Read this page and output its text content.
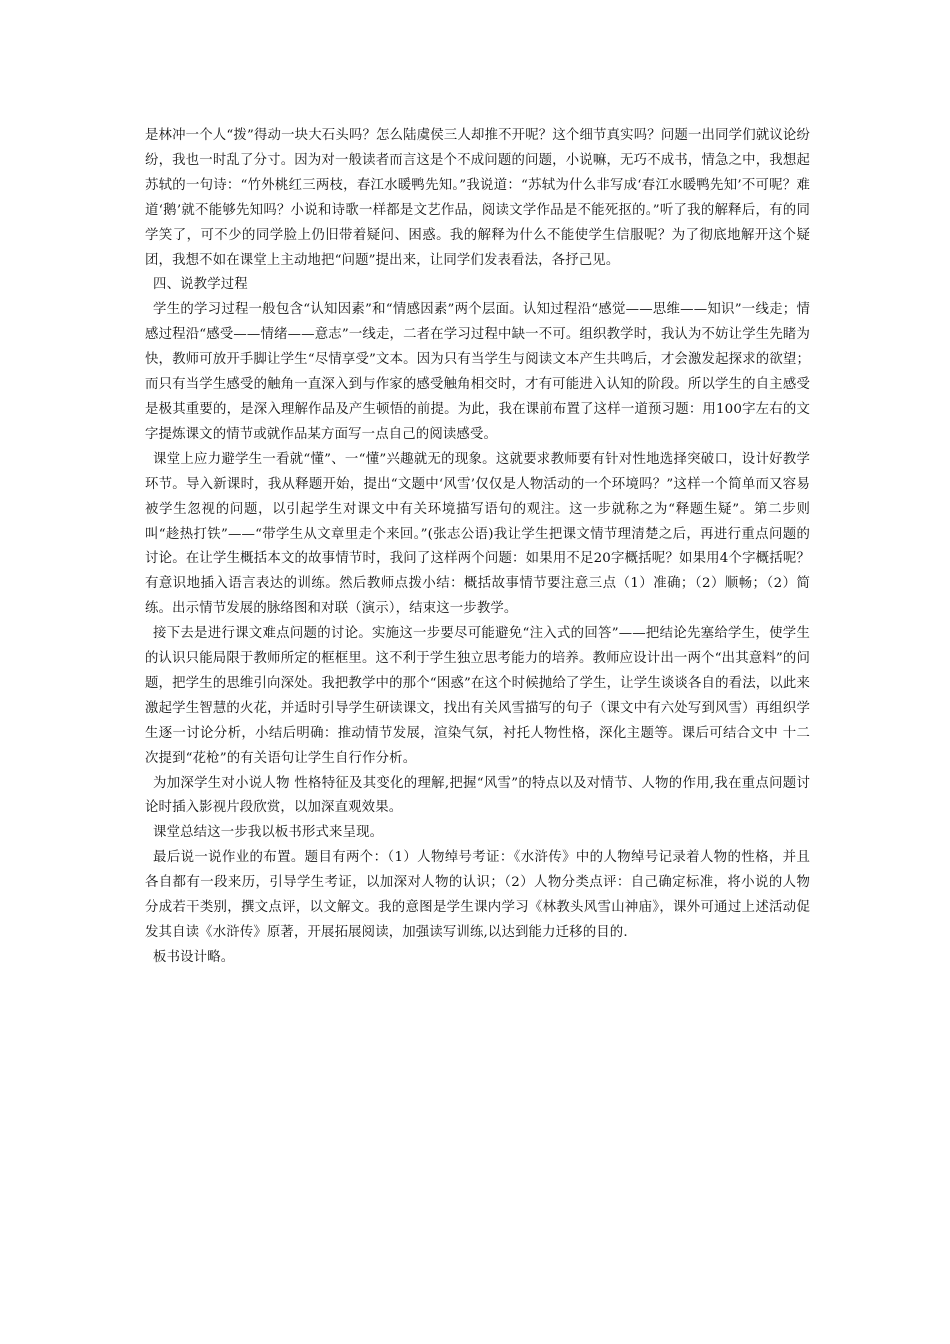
是林冲一个人“拨”得动一块大石头吗？怎么陆虞侯三人却推不开呢？这个细节真实吗？问题一出同学们就议论纷纷，我也一时乱了分寸。因为对一般读者而言这是个不成问题的问题，小说嘛，无巧不成书，情急之中，我想起苏轼的一句诗：“竹外桃红三两枝，春江水暖鸭先知。”我说道：“苏轼为什么非写成‘春江水暖鸭先知’不可呢？难道‘鹅’就不能够先知吗？小说和诗歌一样都是文艺作品，阅读文学作品是不能死抠的。”听了我的解释后，有的同学笑了，可不少的同学脸上仍旧带着疑问、困惑。我的解释为什么不能使学生信服呢？为了彻底地解开这个疑团，我想不如在课堂上主动地把“问题”提出来，让同学们发表看法，各抒己见。

四、说教学过程

学生的学习过程一般包含“认知因素”和“情感因素”两个层面。认知过程沿“感觉——思维——知识”一线走；情感过程沿“感受——情绪——意志”一线走，二者在学习过程中缺一不可。组织教学时，我认为不妨让学生先睹为快，教师可放开手脚让学生“尽情享受”文本。因为只有当学生与阅读文本产生共鸣后，才会激发起探求的欲望；而只有当学生感受的触角一直深入到与作家的感受触角相交时，才有可能进入认知的阶段。所以学生的自主感受是极其重要的，是深入理解作品及产生顿悟的前提。为此，我在课前布置了这样一道预习题：用100字左右的文字提炼课文的情节或就作品某方面写一点自己的阅读感受。

课堂上应力避学生一看就“懂”、一“懂”兴趣就无的现象。这就要求教师要有针对性地选择突破口，设计好教学环节。导入新课时，我从释题开始，提出“文题中‘风雪’仅仅是人物活动的一个环境吗？”这样一个简单而又容易被学生忽视的问题，以引起学生对课文中有关环境描写语句的观注。这一步就称之为“释题生疑”。第二步则叫“趁热打铁”——“带学生从文章里走个来回。”(张志公语)我让学生把课文情节理清楚之后，再进行重点问题的讨论。在让学生概括本文的故事情节时，我问了这样两个问题：如果用不足20字概括呢？如果用4个字概括呢？有意识地插入语言表达的训练。然后教师点拨小结：概括故事情节要注意三点（1）准确；（2）顺畅；（2）简练。出示情节发展的脉络图和对联（演示），结束这一步教学。

接下去是进行课文难点问题的讨论。实施这一步要尽可能避免“注入式的回答”——把结论先塞给学生，使学生的认识只能局限于教师所定的框框里。这不利于学生独立思考能力的培养。教师应设计出一两个“出其意料”的问题，把学生的思维引向深处。我把教学中的那个“困惑”在这个时候抛给了学生，让学生谈谈各自的看法，以此来激起学生智慧的火花，并适时引导学生研读课文，找出有关风雪描写的句子（课文中有六处写到风雪）再组织学生逐一讨论分析，小结后明确：推动情节发展，渲染气氛，衬托人物性格，深化主题等。课后可结合文中 十二次提到“花枪”的有关语句让学生自行作分析。

为加深学生对小说人物 性格特征及其变化的理解,把握“风雪”的特点以及对情节、人物的作用,我在重点问题讨论时插入影视片段欣赏，以加深直观效果。

课堂总结这一步我以板书形式来呈现。

最后说一说作业的布置。题目有两个：（1）人物绰号考证：《水浒传》中的人物绰号记录着人物的性格，并且各自都有一段来历，引导学生考证，以加深对人物的认识；（2）人物分类点评：自己确定标准，将小说的人物分成若干类别，撰文点评，以文解文。我的意图是学生课内学习《林教头风雪山神庙》，课外可通过上述活动促发其自读《水浒传》原著，开展拓展阅读，加强读写训练,以达到能力迁移的目的.

板书设计略。
